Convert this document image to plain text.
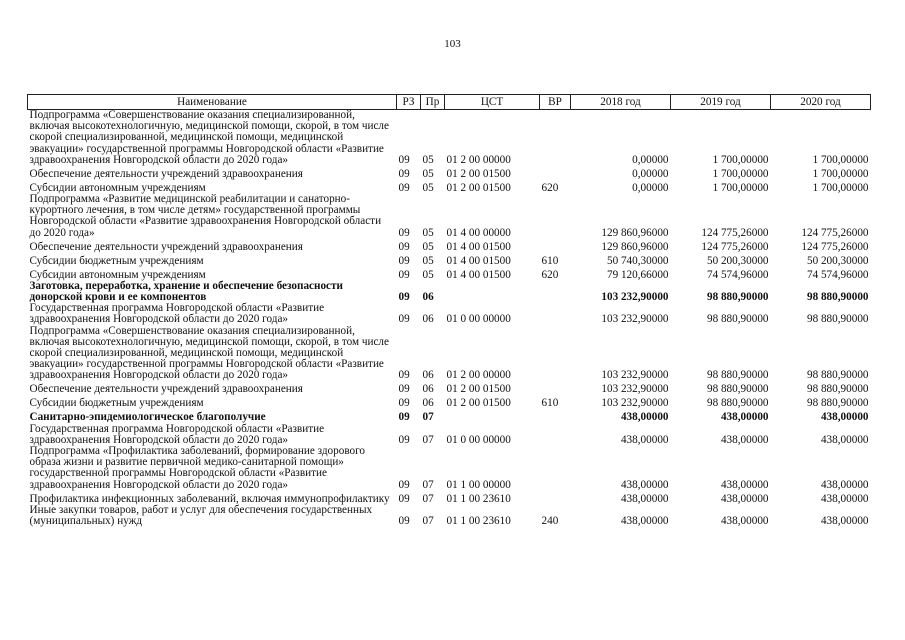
103
Наименование	РЗ	Пр	ЦСТ	ВР	2018 год	2019 год	2020 год
Подпрограмма «Совершенствование оказания специализированной, включая высокотехнологичную, медицинской помощи, скорой, в том числе скорой специализированной, медицинской помощи, медицинской эвакуации» государственной программы Новгородской области «Развитие здравоохранения Новгородской области до 2020 года»	09	05	01 2 00 00000		0,00000	1 700,00000	1 700,00000
Обеспечение деятельности учреждений здравоохранения	09	05	01 2 00 01500		0,00000	1 700,00000	1 700,00000
Субсидии автономным учреждениям	09	05	01 2 00 01500	620	0,00000	1 700,00000	1 700,00000
Подпрограмма «Развитие медицинской реабилитации и санаторно-курортного лечения, в том числе детям» государственной программы Новгородской области «Развитие здравоохранения Новгородской области до 2020 года»	09	05	01 4 00 00000		129 860,96000	124 775,26000	124 775,26000
Обеспечение деятельности учреждений здравоохранения	09	05	01 4 00 01500		129 860,96000	124 775,26000	124 775,26000
Субсидии бюджетным учреждениям	09	05	01 4 00 01500	610	50 740,30000	50 200,30000	50 200,30000
Субсидии автономным учреждениям	09	05	01 4 00 01500	620	79 120,66000	74 574,96000	74 574,96000
Заготовка, переработка, хранение и обеспечение безопасности донорской крови и ее компонентов	09	06			103 232,90000	98 880,90000	98 880,90000
Государственная программа Новгородской области «Развитие здравоохранения Новгородской области до 2020 года»	09	06	01 0 00 00000		103 232,90000	98 880,90000	98 880,90000
Подпрограмма «Совершенствование оказания специализированной, включая высокотехнологичную, медицинской помощи, скорой, в том числе скорой специализированной, медицинской помощи, медицинской эвакуации» государственной программы Новгородской области «Развитие здравоохранения Новгородской области до 2020 года»	09	06	01 2 00 00000		103 232,90000	98 880,90000	98 880,90000
Обеспечение деятельности учреждений здравоохранения	09	06	01 2 00 01500		103 232,90000	98 880,90000	98 880,90000
Субсидии бюджетным учреждениям	09	06	01 2 00 01500	610	103 232,90000	98 880,90000	98 880,90000
Санитарно-эпидемиологическое благополучие	09	07			438,00000	438,00000	438,00000
Государственная программа Новгородской области «Развитие здравоохранения Новгородской области до 2020 года»	09	07	01 0 00 00000		438,00000	438,00000	438,00000
Подпрограмма «Профилактика заболеваний, формирование здорового образа жизни и развитие первичной медико-санитарной помощи» государственной программы Новгородской области «Развитие здравоохранения Новгородской области до 2020 года»	09	07	01 1 00 00000		438,00000	438,00000	438,00000
Профилактика инфекционных заболеваний, включая иммунопрофилактику	09	07	01 1 00 23610		438,00000	438,00000	438,00000
Иные закупки товаров, работ и услуг для обеспечения государственных (муниципальных) нужд	09	07	01 1 00 23610	240	438,00000	438,00000	438,00000
